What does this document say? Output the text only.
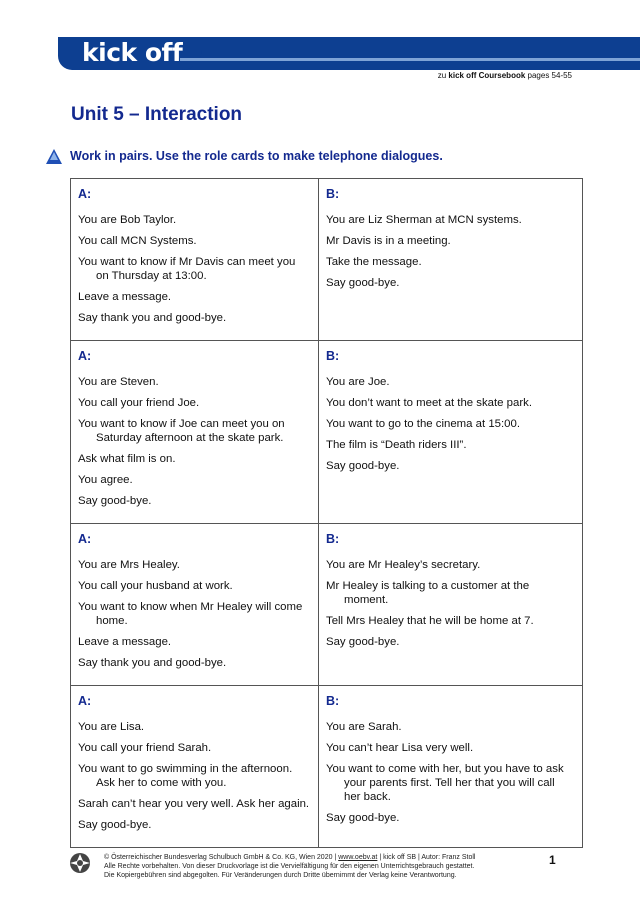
kick off
zu kick off Coursebook pages 54-55
Unit 5 – Interaction
Work in pairs. Use the role cards to make telephone dialogues.
A:
You are Bob Taylor.
You call MCN Systems.
You want to know if Mr Davis can meet you on Thursday at 13:00.
Leave a message.
Say thank you and good-bye.
B:
You are Liz Sherman at MCN systems.
Mr Davis is in a meeting.
Take the message.
Say good-bye.
A:
You are Steven.
You call your friend Joe.
You want to know if Joe can meet you on Saturday afternoon at the skate park.
Ask what film is on.
You agree.
Say good-bye.
B:
You are Joe.
You don’t want to meet at the skate park.
You want to go to the cinema at 15:00.
The film is “Death riders III”.
Say good-bye.
A:
You are Mrs Healey.
You call your husband at work.
You want to know when Mr Healey will come home.
Leave a message.
Say thank you and good-bye.
B:
You are Mr Healey’s secretary.
Mr Healey is talking to a customer at the moment.
Tell Mrs Healey that he will be home at 7.
Say good-bye.
A:
You are Lisa.
You call your friend Sarah.
You want to go swimming in the afternoon. Ask her to come with you.
Sarah can’t hear you very well. Ask her again.
Say good-bye.
B:
You are Sarah.
You can’t hear Lisa very well.
You want to come with her, but you have to ask your parents first. Tell her that you will call her back.
Say good-bye.
© Österreichischer Bundesverlag Schulbuch GmbH & Co. KG, Wien 2020 | www.oebv.at | kick off SB | Autor: Franz Stoll
Alle Rechte vorbehalten. Von dieser Druckvorlage ist die Vervielfältigung für den eigenen Unterrichtsgebrauch gestattet.
Die Kopiergebühren sind abgegolten. Für Veränderungen durch Dritte übernimmt der Verlag keine Verantwortung.
1
